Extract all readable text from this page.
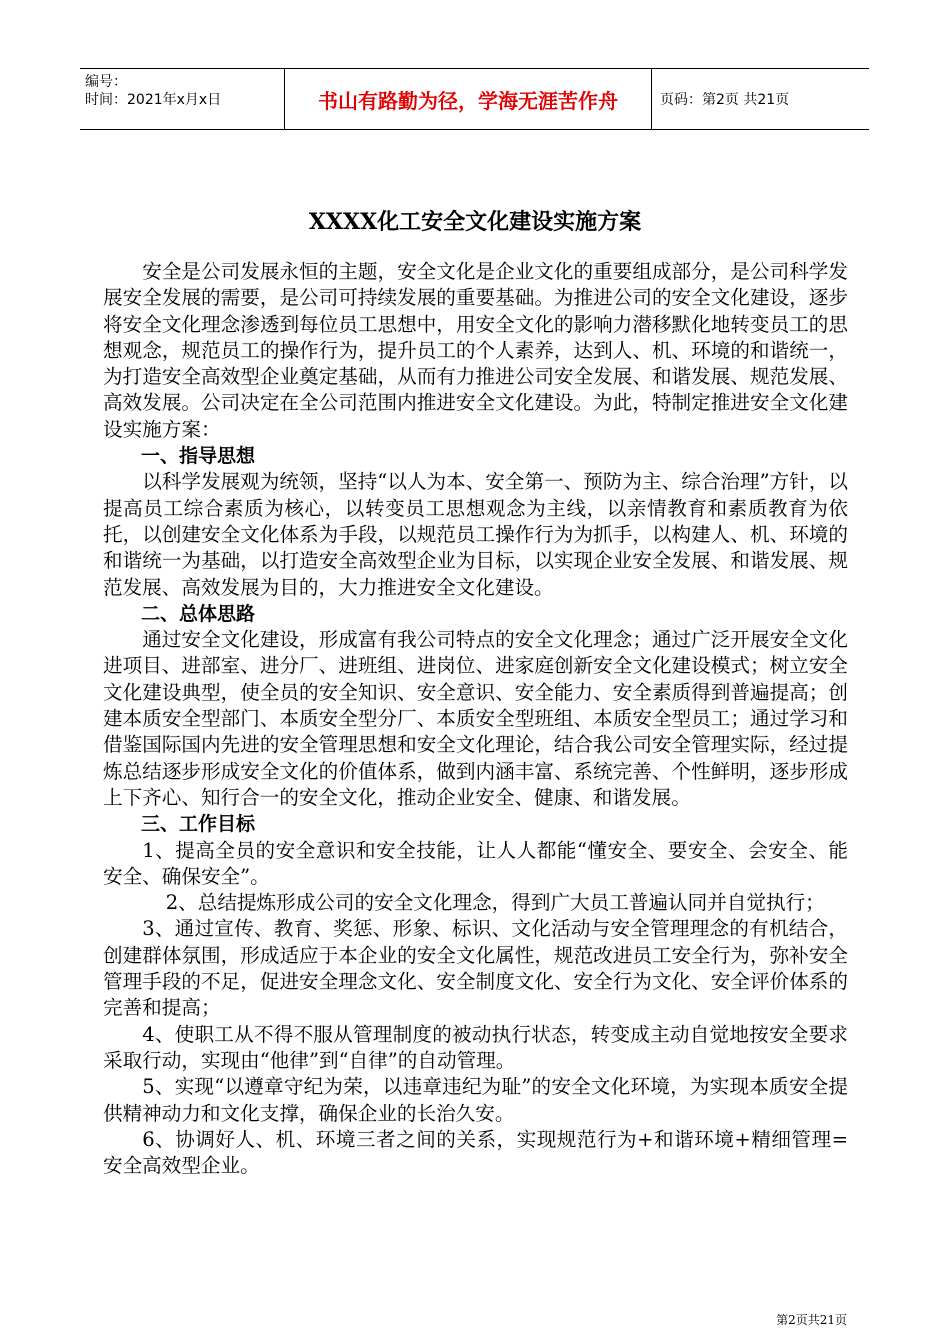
编号：
时间：2021年x月x日	书山有路勤为径，学海无涯苦作舟	页码：第2页 共21页
XXXX化工安全文化建设实施方案

安全是公司发展永恒的主题，安全文化是企业文化的重要组成部分，是公司科学发展安全发展的需要，是公司可持续发展的重要基础。为推进公司的安全文化建设，逐步将安全文化理念渗透到每位员工思想中，用安全文化的影响力潜移默化地转变员工的思想观念，规范员工的操作行为，提升员工的个人素养，达到人、机、环境的和谐统一，为打造安全高效型企业奠定基础，从而有力推进公司安全发展、和谐发展、规范发展、高效发展。公司决定在全公司范围内推进安全文化建设。为此，特制定推进安全文化建设实施方案：

一、指导思想

以科学发展观为统领，坚持“以人为本、安全第一、预防为主、综合治理”方针，以提高员工综合素质为核心，以转变员工思想观念为主线，以亲情教育和素质教育为依托，以创建安全文化体系为手段，以规范员工操作行为为抓手，以构建人、机、环境的和谐统一为基础，以打造安全高效型企业为目标，以实现企业安全发展、和谐发展、规范发展、高效发展为目的，大力推进安全文化建设。

二、总体思路

通过安全文化建设，形成富有我公司特点的安全文化理念；通过广泛开展安全文化进项目、进部室、进分厂、进班组、进岗位、进家庭创新安全文化建设模式；树立安全文化建设典型，使全员的安全知识、安全意识、安全能力、安全素质得到普遍提高；创建本质安全型部门、本质安全型分厂、本质安全型班组、本质安全型员工；通过学习和借鉴国际国内先进的安全管理思想和安全文化理论，结合我公司安全管理实际，经过提炼总结逐步形成安全文化的价值体系，做到内涵丰富、系统完善、个性鲜明，逐步形成上下齐心、知行合一的安全文化，推动企业安全、健康、和谐发展。

三、工作目标

1、提高全员的安全意识和安全技能，让人人都能“懂安全、要安全、会安全、能安全、确保安全”。

2、总结提炼形成公司的安全文化理念，得到广大员工普遍认同并自觉执行；

3、通过宣传、教育、奖惩、形象、标识、文化活动与安全管理理念的有机结合，创建群体氛围，形成适应于本企业的安全文化属性，规范改进员工安全行为，弥补安全管理手段的不足，促进安全理念文化、安全制度文化、安全行为文化、安全评价体系的完善和提高；

4、使职工从不得不服从管理制度的被动执行状态，转变成主动自觉地按安全要求采取行动，实现由“他律”到“自律”的自动管理。

5、实现“以遵章守纪为荣，以违章违纪为耻”的安全文化环境，为实现本质安全提供精神动力和文化支撑，确保企业的长治久安。

6、协调好人、机、环境三者之间的关系，实现规范行为+和谐环境+精细管理=安全高效型企业。

第2页共21页
